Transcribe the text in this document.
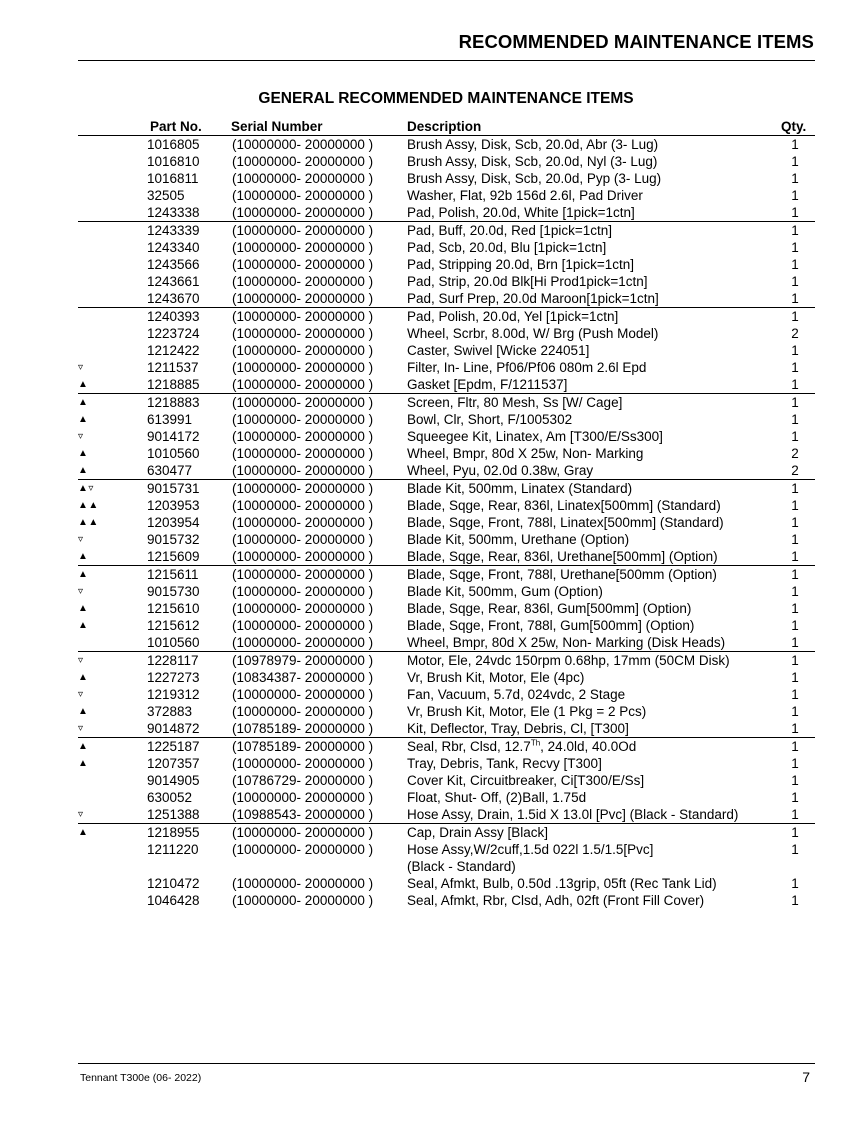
RECOMMENDED MAINTENANCE ITEMS
GENERAL RECOMMENDED MAINTENANCE ITEMS
Part No. Serial Number	Description	Qty.
1016805 (10000000- 20000000 )	Brush Assy, Disk, Scb, 20.0d, Abr (3- Lug)	1
1016810 (10000000- 20000000 )	Brush Assy, Disk, Scb, 20.0d, Nyl (3- Lug)	1
1016811 (10000000- 20000000 )	Brush Assy, Disk, Scb, 20.0d, Pyp (3- Lug)	1
32505	(10000000- 20000000 )	Washer, Flat, 92b 156d 2.6l, Pad Driver	1
1243338 (10000000- 20000000 )	Pad, Polish, 20.0d, White [1pick=1ctn]	1
1243339 (10000000- 20000000 )	Pad, Buff, 20.0d, Red [1pick=1ctn]	1
1243340 (10000000- 20000000 )	Pad, Scb, 20.0d, Blu [1pick=1ctn]	1
1243566 (10000000- 20000000 )	Pad, Stripping 20.0d, Brn [1pick=1ctn]	1
1243661 (10000000- 20000000 )	Pad, Strip, 20.0d Blk[Hi Prod1pick=1ctn]	1
1243670 (10000000- 20000000 )	Pad, Surf Prep, 20.0d Maroon[1pick=1ctn]	1
1240393 (10000000- 20000000 )	Pad, Polish, 20.0d, Yel [1pick=1ctn]	1
1223724 (10000000- 20000000 )	Wheel, Scrbr, 8.00d, W/ Brg (Push Model)	2
1212422 (10000000- 20000000 )	Caster, Swivel [Wicke 224051]	1
▿	1211537 (10000000- 20000000 )	Filter, In- Line, Pf06/Pf06 080m 2.6l Epd	1
▲	1218885 (10000000- 20000000 )	Gasket [Epdm, F/1211537]	1
▲	1218883 (10000000- 20000000 )	Screen, Fltr, 80 Mesh, Ss [W/ Cage]	1
▲	613991	(10000000- 20000000 )	Bowl, Clr, Short, F/1005302	1
▿	9014172 (10000000- 20000000 )	Squeegee Kit, Linatex, Am [T300/E/Ss300]	1
▲	1010560 (10000000- 20000000 )	Wheel, Bmpr, 80d X 25w, Non- Marking	2
▲	630477	(10000000- 20000000 )	Wheel, Pyu, 02.0d 0.38w, Gray	2
▲▿	9015731 (10000000- 20000000 )	Blade Kit, 500mm, Linatex (Standard)	1
▲▲	1203953 (10000000- 20000000 )	Blade, Sqge, Rear, 836l, Linatex[500mm] (Standard)	1
▲▲	1203954 (10000000- 20000000 )	Blade, Sqge, Front, 788l, Linatex[500mm] (Standard)	1
▿	9015732 (10000000- 20000000 )	Blade Kit, 500mm, Urethane (Option)	1
▲	1215609 (10000000- 20000000 )	Blade, Sqge, Rear, 836l, Urethane[500mm] (Option)	1
▲	1215611 (10000000- 20000000 )	Blade, Sqge, Front, 788l, Urethane[500mm (Option)	1
▿	9015730 (10000000- 20000000 )	Blade Kit, 500mm, Gum (Option)	1
▲	1215610 (10000000- 20000000 )	Blade, Sqge, Rear, 836l, Gum[500mm] (Option)	1
▲	1215612 (10000000- 20000000 )	Blade, Sqge, Front, 788l, Gum[500mm] (Option)	1
1010560 (10000000- 20000000 )	Wheel, Bmpr, 80d X 25w, Non- Marking (Disk Heads)	1
▿	1228117 (10978979- 20000000 )	Motor, Ele, 24vdc 150rpm 0.68hp, 17mm (50CM Disk)	1
▲	1227273 (10834387- 20000000 )	Vr, Brush Kit, Motor, Ele (4pc)	1
▿	1219312 (10000000- 20000000 )	Fan, Vacuum, 5.7d, 024vdc, 2 Stage	1
▲	372883	(10000000- 20000000 )	Vr, Brush Kit, Motor, Ele (1 Pkg = 2 Pcs)	1
▿	9014872 (10785189- 20000000 )	Kit, Deflector, Tray, Debris, Cl, [T300]	1
▲	1225187 (10785189- 20000000 )	Seal, Rbr, Clsd, 12.7Th, 24.0ld, 40.0Od	1
▲	1207357 (10000000- 20000000 )	Tray, Debris, Tank, Recvy [T300]	1
9014905 (10786729- 20000000 )	Cover Kit, Circuitbreaker, Ci[T300/E/Ss]	1
630052	(10000000- 20000000 )	Float, Shut- Off, (2)Ball, 1.75d	1
▿	1251388 (10988543- 20000000 )	Hose Assy, Drain, 1.5id X 13.0l [Pvc] (Black - Standard)	1
▲	1218955 (10000000- 20000000 )	Cap, Drain Assy [Black]	1
1211220 (10000000- 20000000 )	Hose Assy,W/2cuff,1.5d 022l 1.5/1.5[Pvc]	1
(Black - Standard)
1210472 (10000000- 20000000 )	Seal, Afmkt, Bulb, 0.50d .13grip, 05ft (Rec Tank Lid)	1
1046428 (10000000- 20000000 )	Seal, Afmkt, Rbr, Clsd, Adh, 02ft (Front Fill Cover)	1
Tennant T300e (06- 2022)	7
